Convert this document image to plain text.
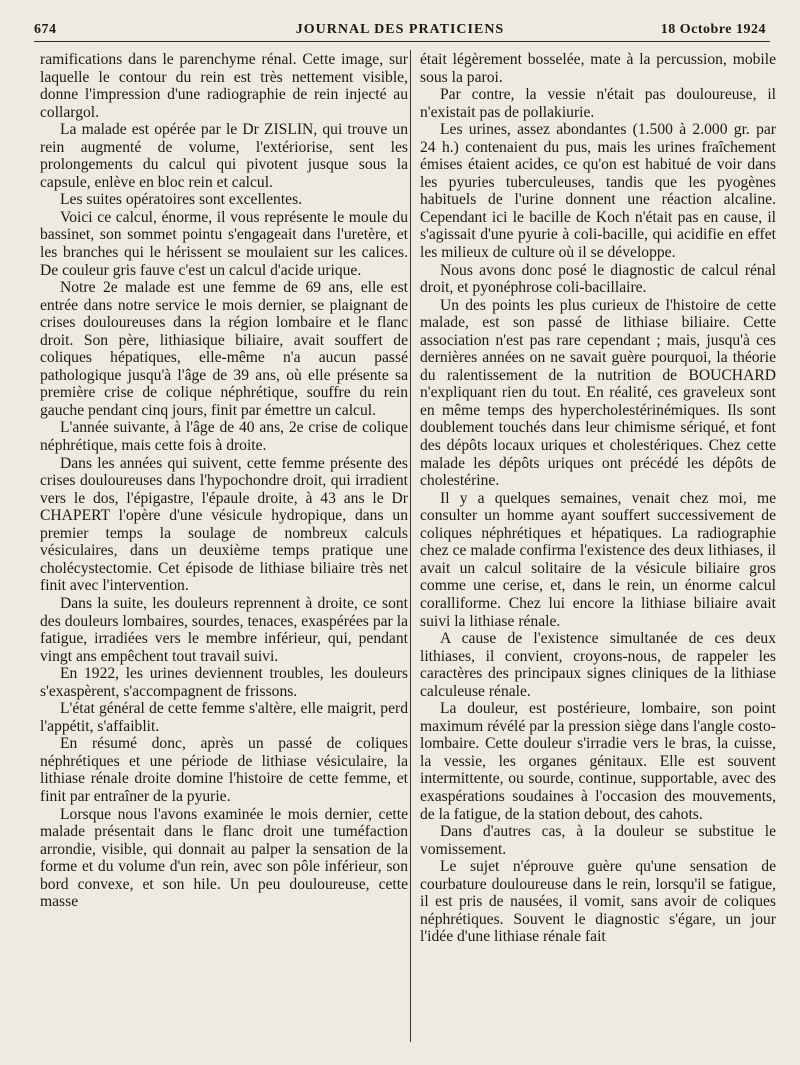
674	JOURNAL DES PRATICIENS	18 Octobre 1924

ramifications dans le parenchyme rénal. Cette image, sur laquelle le contour du rein est très nettement visible, donne l'impression d'une radiographie de rein injecté au collargol.

La malade est opérée par le Dr ZISLIN, qui trouve un rein augmenté de volume, l'extériorise, sent les prolongements du calcul qui pivotent jusque sous la capsule, enlève en bloc rein et calcul.

Les suites opératoires sont excellentes.

Voici ce calcul, énorme, il vous représente le moule du bassinet, son sommet pointu s'engageait dans l'uretère, et les branches qui le hérissent se moulaient sur les calices. De couleur gris fauve c'est un calcul d'acide urique.

Notre 2e malade est une femme de 69 ans, elle est entrée dans notre service le mois dernier, se plaignant de crises douloureuses dans la région lombaire et le flanc droit. Son père, lithiasique biliaire, avait souffert de coliques hépatiques, elle-même n'a aucun passé pathologique jusqu'à l'âge de 39 ans, où elle présente sa première crise de colique néphrétique, souffre du rein gauche pendant cinq jours, finit par émettre un calcul.

L'année suivante, à l'âge de 40 ans, 2e crise de colique néphrétique, mais cette fois à droite.

Dans les années qui suivent, cette femme présente des crises douloureuses dans l'hypochondre droit, qui irradient vers le dos, l'épigastre, l'épaule droite, à 43 ans le Dr CHAPERT l'opère d'une vésicule hydropique, dans un premier temps la soulage de nombreux calculs vésiculaires, dans un deuxième temps pratique une cholécystectomie. Cet épisode de lithiase biliaire très net finit avec l'intervention.

Dans la suite, les douleurs reprennent à droite, ce sont des douleurs lombaires, sourdes, tenaces, exaspérées par la fatigue, irradiées vers le membre inférieur, qui, pendant vingt ans empêchent tout travail suivi.

En 1922, les urines deviennent troubles, les douleurs s'exaspèrent, s'accompagnent de frissons.

L'état général de cette femme s'altère, elle maigrit, perd l'appétit, s'affaiblit.

En résumé donc, après un passé de coliques néphrétiques et une période de lithiase vésiculaire, la lithiase rénale droite domine l'histoire de cette femme, et finit par entraîner de la pyurie.

Lorsque nous l'avons examinée le mois dernier, cette malade présentait dans le flanc droit une tuméfaction arrondie, visible, qui donnait au palper la sensation de la forme et du volume d'un rein, avec son pôle inférieur, son bord convexe, et son hile. Un peu douloureuse, cette masse

était légèrement bosselée, mate à la percussion, mobile sous la paroi.

Par contre, la vessie n'était pas douloureuse, il n'existait pas de pollakiurie.

Les urines, assez abondantes (1.500 à 2.000 gr. par 24 h.) contenaient du pus, mais les urines fraîchement émises étaient acides, ce qu'on est habitué de voir dans les pyuries tuberculeuses, tandis que les pyogènes habituels de l'urine donnent une réaction alcaline. Cependant ici le bacille de Koch n'était pas en cause, il s'agissait d'une pyurie à coli-bacille, qui acidifie en effet les milieux de culture où il se développe.

Nous avons donc posé le diagnostic de calcul rénal droit, et pyonéphrose coli-bacillaire.

Un des points les plus curieux de l'histoire de cette malade, est son passé de lithiase biliaire. Cette association n'est pas rare cependant ; mais, jusqu'à ces dernières années on ne savait guère pourquoi, la théorie du ralentissement de la nutrition de BOUCHARD n'expliquant rien du tout. En réalité, ces graveleux sont en même temps des hypercholestérinémiques. Ils sont doublement touchés dans leur chimisme sériqué, et font des dépôts locaux uriques et cholestériques. Chez cette malade les dépôts uriques ont précédé les dépôts de cholestérine.

Il y a quelques semaines, venait chez moi, me consulter un homme ayant souffert successivement de coliques néphrétiques et hépatiques. La radiographie chez ce malade confirma l'existence des deux lithiases, il avait un calcul solitaire de la vésicule biliaire gros comme une cerise, et, dans le rein, un énorme calcul coralliforme. Chez lui encore la lithiase biliaire avait suivi la lithiase rénale.

A cause de l'existence simultanée de ces deux lithiases, il convient, croyons-nous, de rappeler les caractères des principaux signes cliniques de la lithiase calculeuse rénale.

La douleur, est postérieure, lombaire, son point maximum révélé par la pression siège dans l'angle costo-lombaire. Cette douleur s'irradie vers le bras, la cuisse, la vessie, les organes génitaux. Elle est souvent intermittente, ou sourde, continue, supportable, avec des exaspérations soudaines à l'occasion des mouvements, de la fatigue, de la station debout, des cahots.

Dans d'autres cas, à la douleur se substitue le vomissement.

Le sujet n'éprouve guère qu'une sensation de courbature douloureuse dans le rein, lorsqu'il se fatigue, il est pris de nausées, il vomit, sans avoir de coliques néphrétiques. Souvent le diagnostic s'égare, un jour l'idée d'une lithiase rénale fait
